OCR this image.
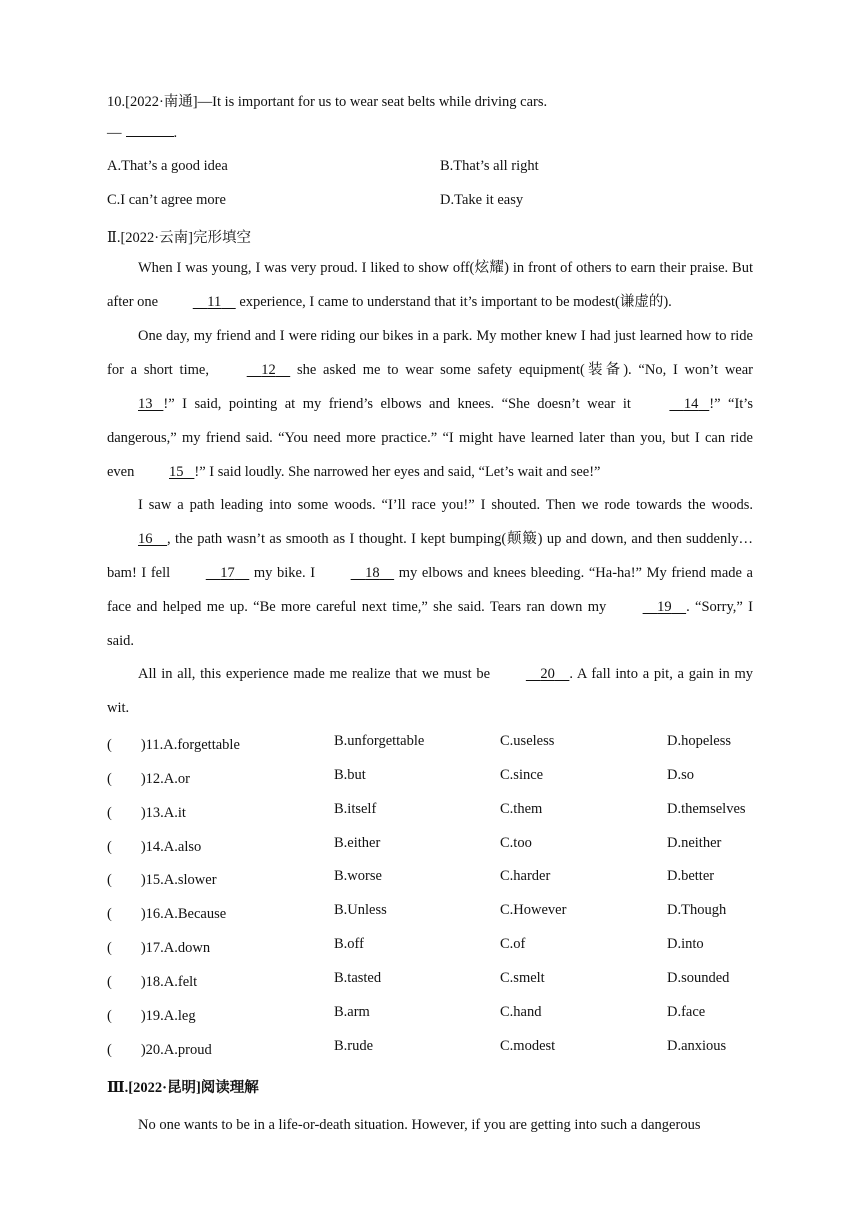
10.[2022·南通]—It is important for us to wear seat belts while driving cars.
—	.
A.That’s a good idea	B.That’s all right
C.I can’t agree more	D.Take it easy
Ⅱ.[2022·云南]完形填空
When I was young, I was very proud. I liked to show off(炫耀) in front of others to earn their praise. But after one	11     experience, I came to understand that it’s important to be modest(谦虚的).
One day, my friend and I were riding our bikes in a park. My mother knew I had just learned how to ride for a short time,	12     she asked me to wear some safety equipment(装备). “No, I won’t wear 13 !” I said, pointing at my friend’s elbows and knees. “She doesn’t wear it	14 !” “It’s dangerous,” my friend said. “You need more practice.” “I might have learned later than you, but I can ride even 15 !” I said loudly. She narrowed her eyes and said, “Let’s wait and see!”
I saw a path leading into some woods. “I’ll race you!” I shouted. Then we rode towards the woods. 16 , the path wasn’t as smooth as I thought. I kept bumping(颠簸) up and down, and then suddenly…bam! I fell	17     my bike. I	18     my elbows and knees bleeding. “Ha-ha!” My friend made a face and helped me up. “Be more careful next time,” she said. Tears ran down my	19 . “Sorry,” I said.
All in all, this experience made me realize that we must be	20 . A fall into a pit, a gain in my wit.
(　　)11.A.forgettable	B.unforgettable	C.useless	D.hopeless
(　　)12.A.or	B.but	C.since	D.so
(　　)13.A.it	B.itself	C.them	D.themselves
(　　)14.A.also	B.either	C.too	D.neither
(　　)15.A.slower	B.worse	C.harder	D.better
(　　)16.A.Because	B.Unless	C.However	D.Though
(　　)17.A.down	B.off	C.of	D.into
(　　)18.A.felt	B.tasted	C.smelt	D.sounded
(　　)19.A.leg	B.arm	C.hand	D.face
(　　)20.A.proud	B.rude	C.modest	D.anxious
Ⅲ.[2022·昆明]阅读理解
No one wants to be in a life-or-death situation. However, if you are getting into such a dangerous
